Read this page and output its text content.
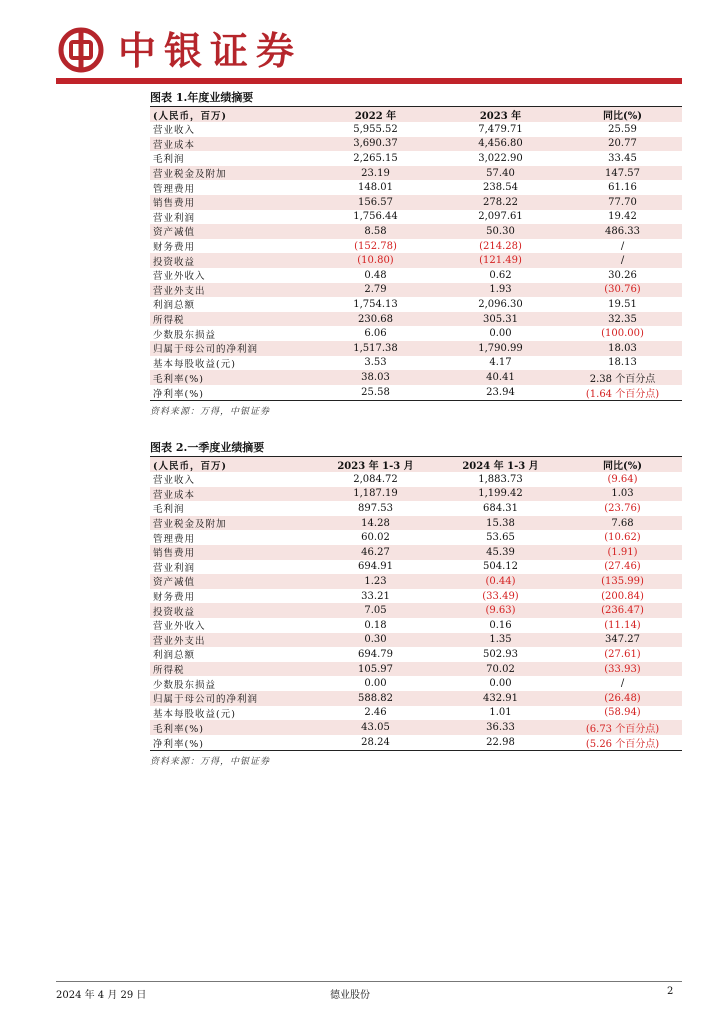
中银证券
图表 1.年度业绩摘要
(人民币，百万)	2022 年	2023 年	同比(%)
营业收入	5,955.52	7,479.71	25.59
营业成本	3,690.37	4,456.80	20.77
毛利润	2,265.15	3,022.90	33.45
营业税金及附加	23.19	57.40	147.57
管理费用	148.01	238.54	61.16
销售费用	156.57	278.22	77.70
营业利润	1,756.44	2,097.61	19.42
资产减值	8.58	50.30	486.33
财务费用	(152.78)	(214.28)	/
投资收益	(10.80)	(121.49)	/
营业外收入	0.48	0.62	30.26
营业外支出	2.79	1.93	(30.76)
利润总额	1,754.13	2,096.30	19.51
所得税	230.68	305.31	32.35
少数股东损益	6.06	0.00	(100.00)
归属于母公司的净利润	1,517.38	1,790.99	18.03
基本每股收益(元)	3.53	4.17	18.13
毛利率(%)	38.03	40.41	2.38 个百分点
净利率(%)	25.58	23.94	(1.64 个百分点)
资料来源：万得，中银证券
图表 2.一季度业绩摘要
(人民币，百万)	2023 年 1-3 月	2024 年 1-3 月	同比(%)
营业收入	2,084.72	1,883.73	(9.64)
营业成本	1,187.19	1,199.42	1.03
毛利润	897.53	684.31	(23.76)
营业税金及附加	14.28	15.38	7.68
管理费用	60.02	53.65	(10.62)
销售费用	46.27	45.39	(1.91)
营业利润	694.91	504.12	(27.46)
资产减值	1.23	(0.44)	(135.99)
财务费用	33.21	(33.49)	(200.84)
投资收益	7.05	(9.63)	(236.47)
营业外收入	0.18	0.16	(11.14)
营业外支出	0.30	1.35	347.27
利润总额	694.79	502.93	(27.61)
所得税	105.97	70.02	(33.93)
少数股东损益	0.00	0.00	/
归属于母公司的净利润	588.82	432.91	(26.48)
基本每股收益(元)	2.46	1.01	(58.94)
毛利率(%)	43.05	36.33	(6.73 个百分点)
净利率(%)	28.24	22.98	(5.26 个百分点)
资料来源：万得，中银证券
2024 年 4 月 29 日	德业股份	2
